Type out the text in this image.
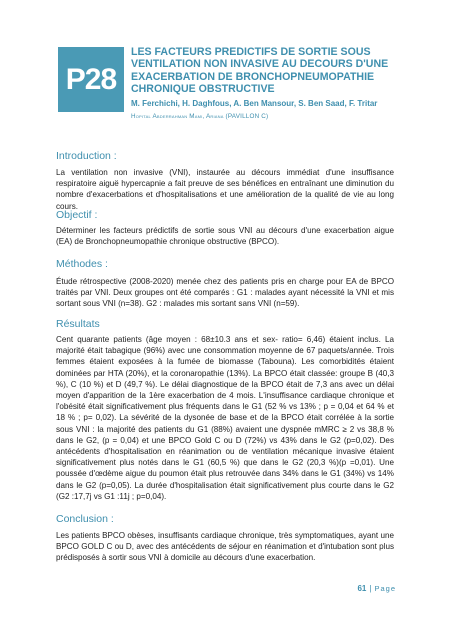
P28
LES FACTEURS PREDICTIFS DE SORTIE SOUS VENTILATION NON INVASIVE AU DECOURS D'UNE EXACERBATION DE BRONCHOPNEUMOPATHIE CHRONIQUE OBSTRUCTIVE
M. Ferchichi, H. Daghfous, A. Ben Mansour, S. Ben Saad, F. Tritar
Hopital Abderrahman Mami, Ariana (PAVILLON C)
Introduction :
La ventilation non invasive (VNI), instaurée au décours immédiat d'une insuffisance respiratoire aiguë hypercapnie a fait preuve de ses bénéfices en entraînant une diminution du nombre d'exacerbations et d'hospitalisations et une amélioration de la qualité de vie au long cours.
Objectif :
Déterminer les facteurs prédictifs de sortie sous VNI au décours d'une exacerbation aigue (EA) de Bronchopneumopathie chronique obstructive (BPCO).
Méthodes :
Étude rétrospective (2008-2020) menée chez des patients pris en charge pour EA de BPCO traités par VNI. Deux groupes ont été comparés : G1 : malades ayant nécessité la VNI et mis sortant sous VNI (n=38). G2 : malades mis sortant sans VNI (n=59).
Résultats
Cent quarante patients (âge moyen : 68±10.3 ans et sex- ratio= 6,46) étaient inclus. La majorité était tabagique (96%) avec une consommation moyenne de 67 paquets/année. Trois femmes étaient exposées à la fumée de biomasse (Tabouna). Les comorbidités étaient dominées par HTA (20%), et la coronaropathie (13%). La BPCO était classée: groupe B (40,3 %), C (10 %) et D (49,7 %). Le délai diagnostique de la BPCO était de 7,3 ans avec un délai moyen d'apparition de la 1ère exacerbation de 4 mois. L'insuffisance cardiaque chronique et l'obésité était significativement plus fréquents dans le G1 (52 % vs 13% ; p = 0,04 et 64 % et 18 % ; p= 0,02). La sévérité de la dysonée de base et de la BPCO était corrélée à la sortie sous VNI : la majorité des patients du G1 (88%) avaient une dyspnée mMRC ≥ 2 vs 38,8 % dans le G2, (p = 0,04) et une BPCO Gold C ou D (72%) vs 43% dans le G2 (p=0,02). Des antécédents d'hospitalisation en réanimation ou de ventilation mécanique invasive étaient significativement plus notés dans le G1 (60,5 %) que dans le G2 (20,3 %)(p =0,01). Une poussée d'œdème aigue du poumon était plus retrouvée dans 34% dans le G1 (34%) vs 14% dans le G2 (p=0,05). La durée d'hospitalisation était significativement plus courte dans le G2 (G2 :17,7j vs G1 :11j ; p=0,04).
Conclusion :
Les patients BPCO obèses, insuffisants cardiaque chronique, très symptomatiques, ayant une BPCO GOLD C ou D, avec des antécédents de séjour en réanimation et d'intubation sont plus prédisposés à sortir sous VNI à domicile au décours d'une exacerbation.
61 | Page
